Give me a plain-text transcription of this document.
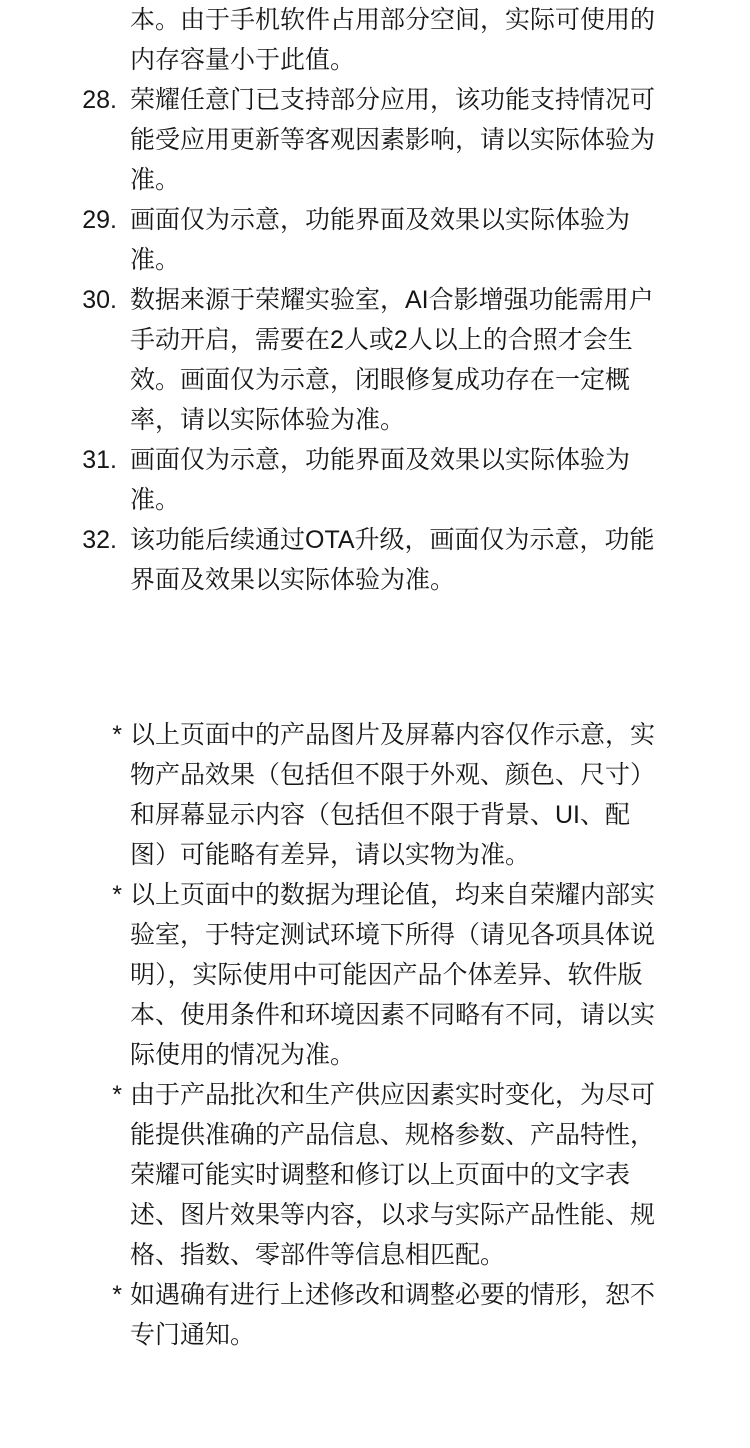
本。由于手机软件占用部分空间，实际可使用的
内存容量小于此值。
28. 荣耀任意门已支持部分应用，该功能支持情况可
能受应用更新等客观因素影响，请以实际体验为
准。
29. 画面仅为示意，功能界面及效果以实际体验为
准。
30. 数据来源于荣耀实验室，AI合影增强功能需用户
手动开启，需要在2人或2人以上的合照才会生
效。画面仅为示意，闭眼修复成功存在一定概
率，请以实际体验为准。
31. 画面仅为示意，功能界面及效果以实际体验为
准。
32. 该功能后续通过OTA升级，画面仅为示意，功能
界面及效果以实际体验为准。
* 以上页面中的产品图片及屏幕内容仅作示意，实
物产品效果（包括但不限于外观、颜色、尺寸）
和屏幕显示内容（包括但不限于背景、UI、配
图）可能略有差异，请以实物为准。
* 以上页面中的数据为理论值，均来自荣耀内部实
验室，于特定测试环境下所得（请见各项具体说
明），实际使用中可能因产品个体差异、软件版
本、使用条件和环境因素不同略有不同，请以实
际使用的情况为准。
* 由于产品批次和生产供应因素实时变化，为尽可
能提供准确的产品信息、规格参数、产品特性，
荣耀可能实时调整和修订以上页面中的文字表
述、图片效果等内容，以求与实际产品性能、规
格、指数、零部件等信息相匹配。
* 如遇确有进行上述修改和调整必要的情形，恕不
专门通知。
